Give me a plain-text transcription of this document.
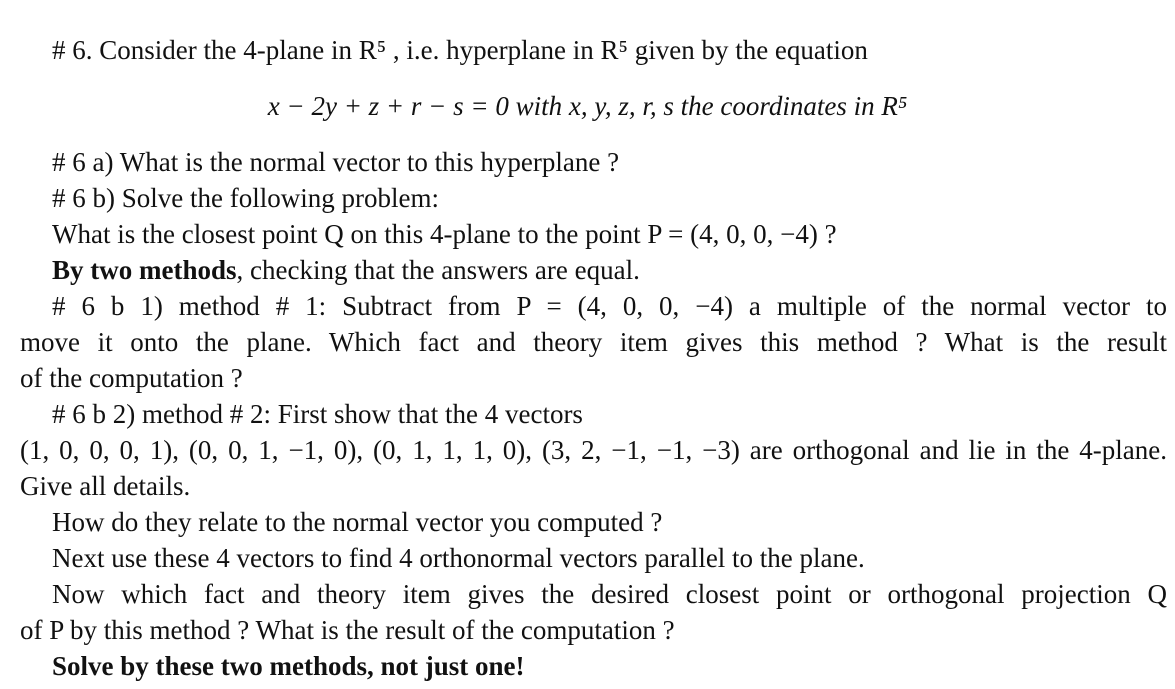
# 6. Consider the 4-plane in R⁵ , i.e. hyperplane in R⁵ given by the equation
x − 2y + z + r − s = 0 with x, y, z, r, s the coordinates in R⁵
# 6 a) What is the normal vector to this hyperplane ?
# 6 b) Solve the following problem:
What is the closest point Q on this 4-plane to the point P = (4, 0, 0, −4) ?
By two methods, checking that the answers are equal.
# 6 b 1) method # 1: Subtract from P = (4, 0, 0, −4) a multiple of the normal vector to
move it onto the plane. Which fact and theory item gives this method ? What is the result
of the computation ?
# 6 b 2) method # 2: First show that the 4 vectors
(1, 0, 0, 0, 1), (0, 0, 1, −1, 0), (0, 1, 1, 1, 0), (3, 2, −1, −1, −3) are orthogonal and lie in the 4-plane.
Give all details.
How do they relate to the normal vector you computed ?
Next use these 4 vectors to find 4 orthonormal vectors parallel to the plane.
Now which fact and theory item gives the desired closest point or orthogonal projection Q
of P by this method ? What is the result of the computation ?
Solve by these two methods, not just one!
